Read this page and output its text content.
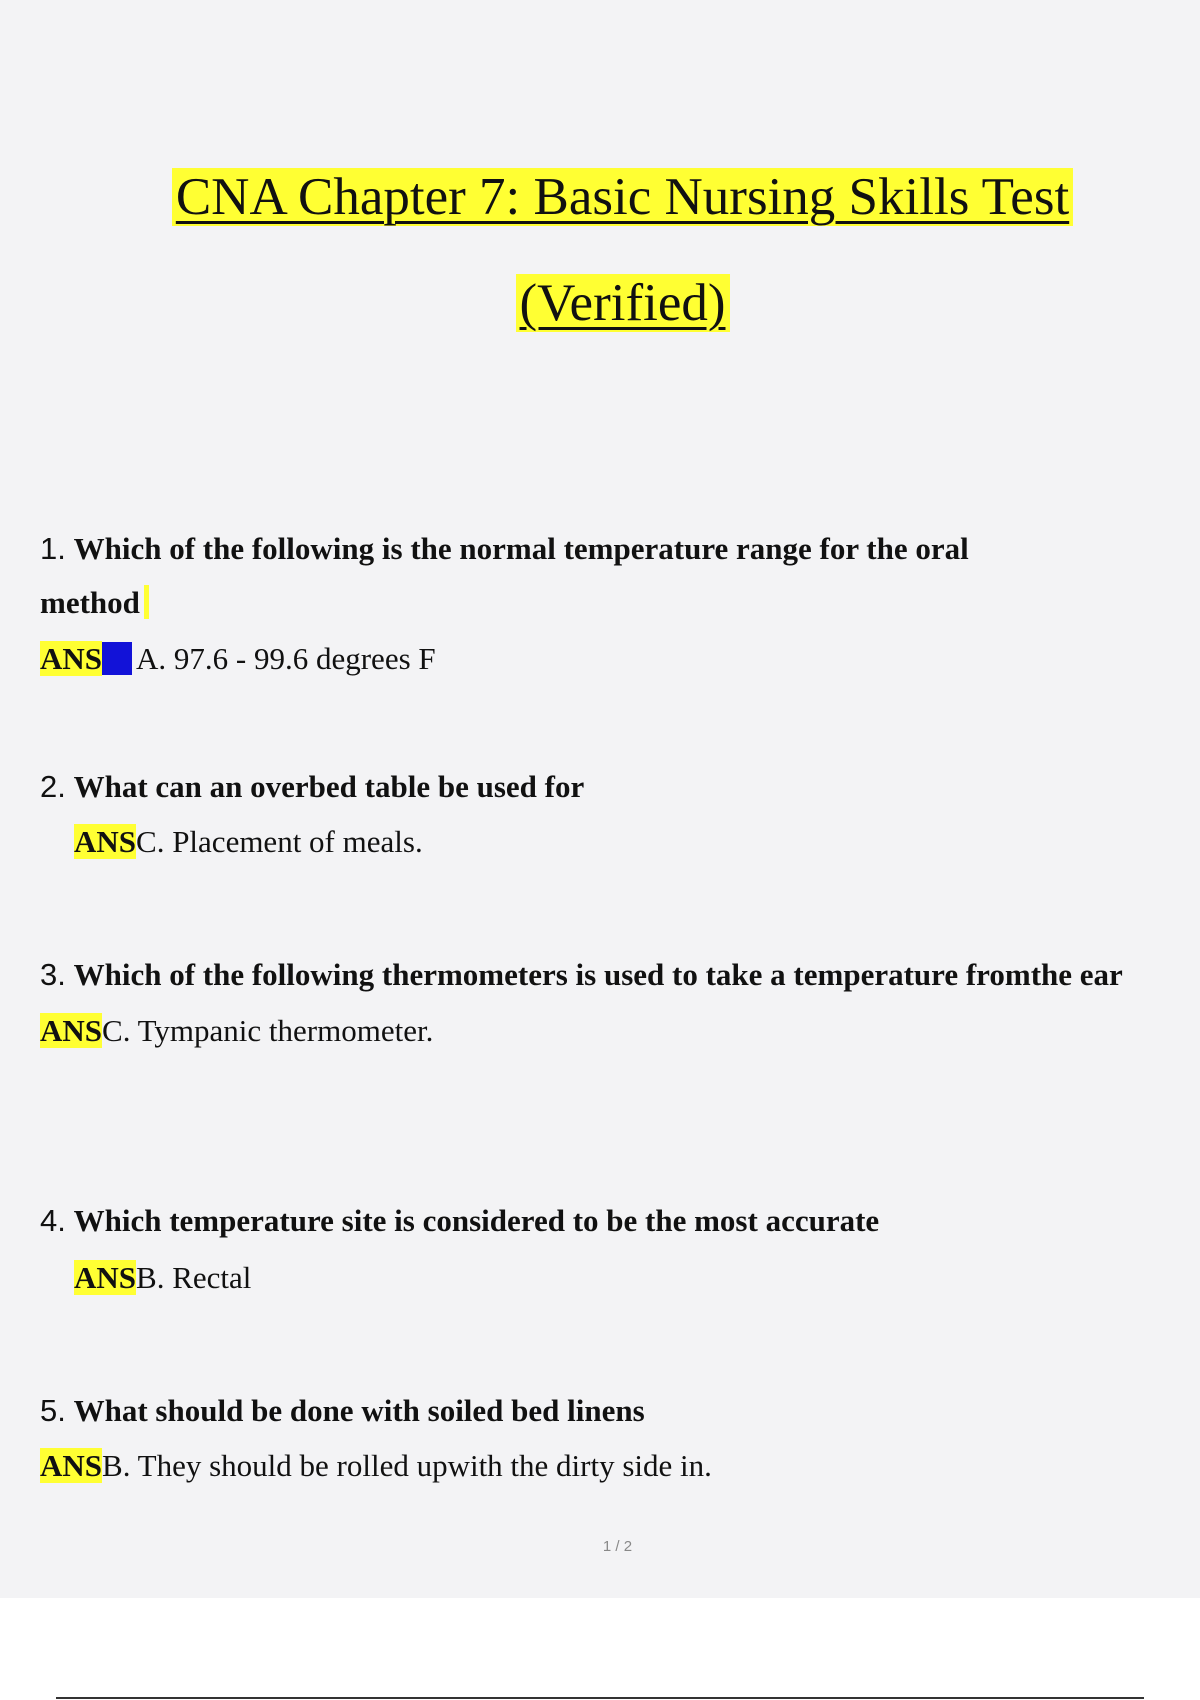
CNA Chapter 7: Basic Nursing Skills Test
(Verified)
1. Which of the following is the normal temperature range for the oral
method
ANS A. 97.6 - 99.6 degrees F
2. What can an overbed table be used for
ANSC. Placement of meals.
3. Which of the following thermometers is used to take a temperature fromthe ear
ANSC. Tympanic thermometer.
4. Which temperature site is considered to be the most accurate
ANSB. Rectal
5. What should be done with soiled bed linens
ANSB. They should be rolled upwith the dirty side in.
1 / 2
